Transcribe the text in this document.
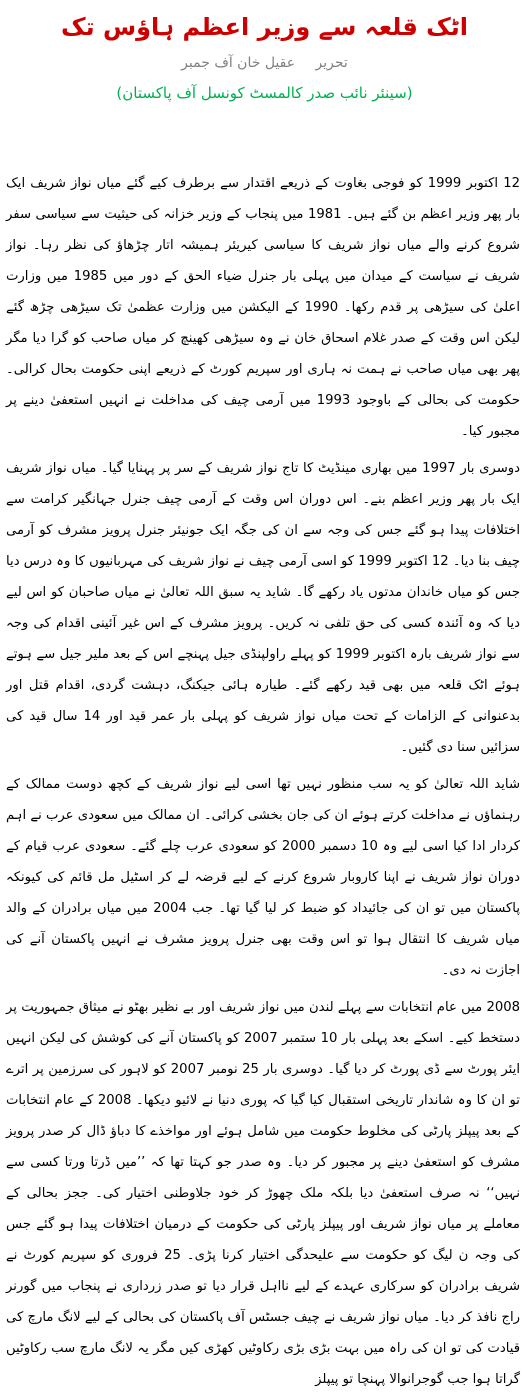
اٹک قلعہ سے وزیر اعظم ہاؤس تک
تحریر عقیل خان آف جمبر
(سینئر نائب صدر کالمسٹ کونسل آف پاکستان)

12 اکتوبر 1999 کو فوجی بغاوت کے ذریعے اقتدار سے برطرف کیے گئے میاں نواز شریف ایک بار پھر وزیر اعظم بن گئے ہیں۔ 1981 میں پنجاب کے وزیر خزانہ کی حیثیت سے سیاسی سفر شروع کرنے والے میاں نواز شریف کا سیاسی کیریئر ہمیشہ اتار چڑھاؤ کی نظر رہا۔ نواز شریف نے سیاست کے میدان میں پہلی بار جنرل ضیاء الحق کے دور میں 1985 میں وزارت اعلیٰ کی سیڑھی پر قدم رکھا۔ 1990 کے الیکشن میں وزارت عظمیٰ تک سیڑھی چڑھ گئے لیکن اس وقت کے صدر غلام اسحاق خان نے وہ سیڑھی کھینچ کر میاں صاحب کو گرا دیا مگر پھر بھی میاں صاحب نے ہمت نہ ہاری اور سپریم کورٹ کے ذریعے اپنی حکومت بحال کرالی۔ حکومت کی بحالی کے باوجود 1993 میں آرمی چیف کی مداخلت نے انہیں استعفیٰ دینے پر مجبور کیا۔

دوسری بار 1997 میں بھاری مینڈیٹ کا تاج نواز شریف کے سر پر پہنایا گیا۔ میاں نواز شریف ایک بار پھر وزیر اعظم بنے۔ اس دوران اس وقت کے آرمی چیف جنرل جہانگیر کرامت سے اختلافات پیدا ہو گئے جس کی وجہ سے ان کی جگہ ایک جونیئر جنرل پرویز مشرف کو آرمی چیف بنا دیا۔ 12 اکتوبر 1999 کو اسی آرمی چیف نے نواز شریف کی مہربانیوں کا وہ درس دیا جس کو میاں خاندان مدتوں یاد رکھے گا۔ شاید یہ سبق اللہ تعالیٰ نے میاں صاحبان کو اس لیے دیا کہ وہ آئندہ کسی کی حق تلفی نہ کریں۔ پرویز مشرف کے اس غیر آئینی اقدام کی وجہ سے نواز شریف بارہ اکتوبر 1999 کو پہلے راولپنڈی جیل پہنچے اس کے بعد ملیر جیل سے ہوتے ہوئے اٹک قلعہ میں بھی قید رکھے گئے۔ طیارہ ہائی جیکنگ، دہشت گردی، اقدام قتل اور بدعنوانی کے الزامات کے تحت میاں نواز شریف کو پہلی بار عمر قید اور 14 سال قید کی سزائیں سنا دی گئیں۔

شاید اللہ تعالیٰ کو یہ سب منظور نہیں تھا اسی لیے نواز شریف کے کچھ دوست ممالک کے رہنماؤں نے مداخلت کرتے ہوئے ان کی جان بخشی کرائی۔ ان ممالک میں سعودی عرب نے اہم کردار ادا کیا اسی لیے وہ 10 دسمبر 2000 کو سعودی عرب چلے گئے۔ سعودی عرب قیام کے دوران نواز شریف نے اپنا کاروبار شروع کرنے کے لیے قرضہ لے کر اسٹیل مل قائم کی کیونکہ پاکستان میں تو ان کی جائیداد کو ضبط کر لیا گیا تھا۔ جب 2004 میں میاں برادران کے والد میاں شریف کا انتقال ہوا تو اس وقت بھی جنرل پرویز مشرف نے انہیں پاکستان آنے کی اجازت نہ دی۔

2008 میں عام انتخابات سے پہلے لندن میں نواز شریف اور بے نظیر بھٹو نے میثاق جمہوریت پر دستخط کیے۔ اسکے بعد پہلی بار 10 ستمبر 2007 کو پاکستان آنے کی کوشش کی لیکن انہیں ایئر پورٹ سے ڈی پورٹ کر دیا گیا۔ دوسری بار 25 نومبر 2007 کو لاہور کی سرزمین پر اترے تو ان کا وہ شاندار تاریخی استقبال کیا گیا کہ پوری دنیا نے لائیو دیکھا۔ 2008 کے عام انتخابات کے بعد پیپلز پارٹی کی مخلوط حکومت میں شامل ہوئے اور مواخذے کا دباؤ ڈال کر صدر پرویز مشرف کو استعفیٰ دینے پر مجبور کر دیا۔ وہ صدر جو کہتا تھا کہ ’’میں ڈرتا ورتا کسی سے نہیں‘‘ نہ صرف استعفیٰ دیا بلکہ ملک چھوڑ کر خود جلاوطنی اختیار کی۔ ججز بحالی کے معاملے پر میاں نواز شریف اور پیپلز پارٹی کی حکومت کے درمیان اختلافات پیدا ہو گئے جس کی وجہ ن لیگ کو حکومت سے علیحدگی اختیار کرنا پڑی۔ 25 فروری کو سپریم کورٹ نے شریف برادران کو سرکاری عہدے کے لیے نااہل قرار دیا تو صدر زرداری نے پنجاب میں گورنر راج نافذ کر دیا۔ میاں نواز شریف نے چیف جسٹس آف پاکستان کی بحالی کے لیے لانگ مارچ کی قیادت کی تو ان کی راہ میں بہت بڑی بڑی رکاوٹیں کھڑی کیں مگر یہ لانگ مارچ سب رکاوٹیں گراتا ہوا جب گوجرانوالا پہنچا تو پیپلز
